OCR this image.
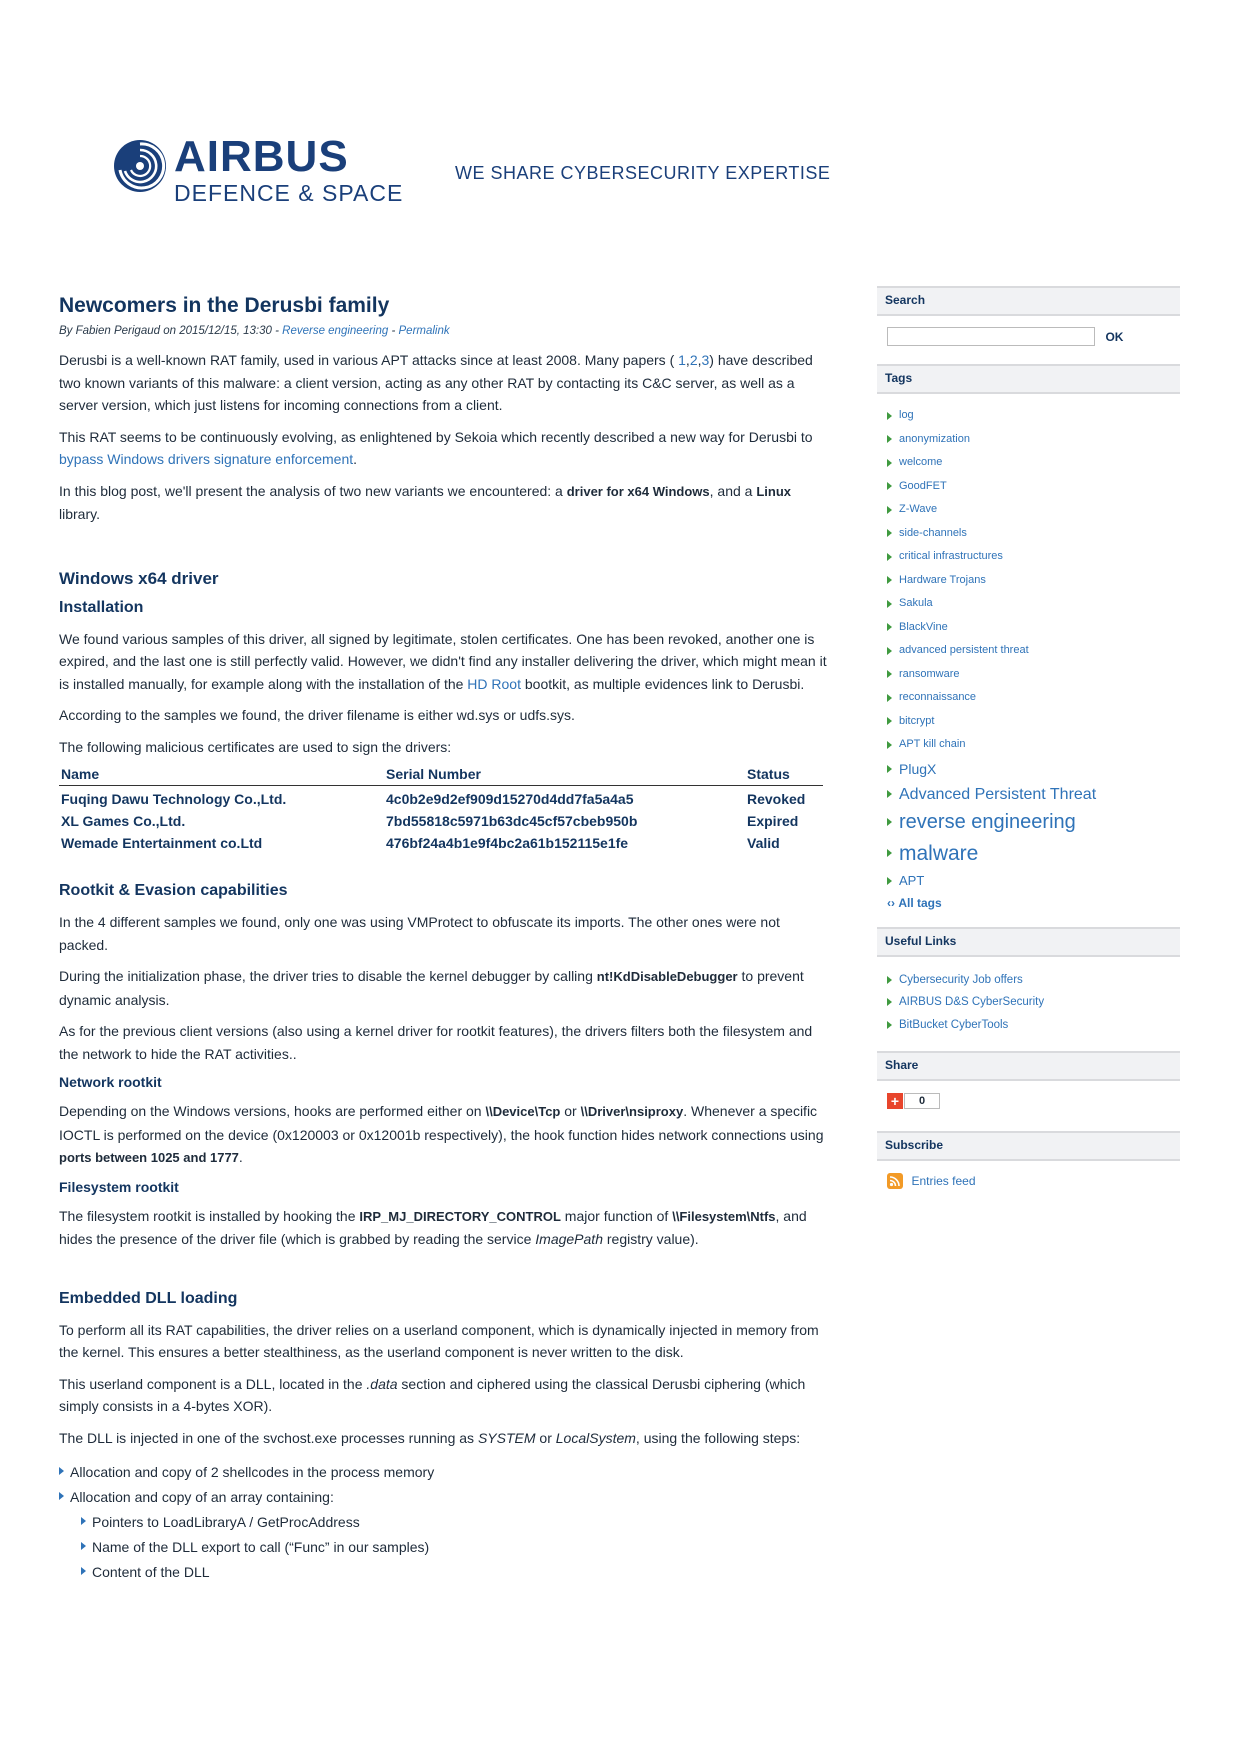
AIRBUS
DEFENCE & SPACE
WE SHARE CYBERSECURITY EXPERTISE
Newcomers in the Derusbi family
By Fabien Perigaud on 2015/12/15, 13:30 - Reverse engineering - Permalink

Derusbi is a well-known RAT family, used in various APT attacks since at least 2008. Many papers ( 1,2,3) have described two known variants of this malware: a client version, acting as any other RAT by contacting its C&C server, as well as a server version, which just listens for incoming connections from a client.

This RAT seems to be continuously evolving, as enlightened by Sekoia which recently described a new way for Derusbi to bypass Windows drivers signature enforcement.

In this blog post, we'll present the analysis of two new variants we encountered: a driver for x64 Windows, and a Linux library.

Windows x64 driver
Installation

We found various samples of this driver, all signed by legitimate, stolen certificates. One has been revoked, another one is expired, and the last one is still perfectly valid. However, we didn't find any installer delivering the driver, which might mean it is installed manually, for example along with the installation of the HD Root bootkit, as multiple evidences link to Derusbi.

According to the samples we found, the driver filename is either wd.sys or udfs.sys.

The following malicious certificates are used to sign the drivers:

Name	Serial Number	Status
Fuqing Dawu Technology Co.,Ltd.	4c0b2e9d2ef909d15270d4dd7fa5a4a5	Revoked
XL Games Co.,Ltd.	7bd55818c5971b63dc45cf57cbeb950b	Expired
Wemade Entertainment co.Ltd	476bf24a4b1e9f4bc2a61b152115e1fe	Valid
Rootkit & Evasion capabilities

In the 4 different samples we found, only one was using VMProtect to obfuscate its imports. The other ones were not packed.

During the initialization phase, the driver tries to disable the kernel debugger by calling nt!KdDisableDebugger to prevent dynamic analysis.

As for the previous client versions (also using a kernel driver for rootkit features), the drivers filters both the filesystem and the network to hide the RAT activities..

Network rootkit

Depending on the Windows versions, hooks are performed either on \\Device\Tcp or \\Driver\nsiproxy. Whenever a specific IOCTL is performed on the device (0x120003 or 0x12001b respectively), the hook function hides network connections using ports between 1025 and 1777.

Filesystem rootkit

The filesystem rootkit is installed by hooking the IRP_MJ_DIRECTORY_CONTROL major function of \\Filesystem\Ntfs, and hides the presence of the driver file (which is grabbed by reading the service ImagePath registry value).

Embedded DLL loading

To perform all its RAT capabilities, the driver relies on a userland component, which is dynamically injected in memory from the kernel. This ensures a better stealthiness, as the userland component is never written to the disk.

This userland component is a DLL, located in the .data section and ciphered using the classical Derusbi ciphering (which simply consists in a 4-bytes XOR).

The DLL is injected in one of the svchost.exe processes running as SYSTEM or LocalSystem, using the following steps:

Allocation and copy of 2 shellcodes in the process memory
Allocation and copy of an array containing:
Pointers to LoadLibraryA / GetProcAddress
Name of the DLL export to call (“Func” in our samples)
Content of the DLL
Search
OK
Tags
log
anonymization
welcome
GoodFET
Z-Wave
side-channels
critical infrastructures
Hardware Trojans
Sakula
BlackVine
advanced persistent threat
ransomware
reconnaissance
bitcrypt
APT kill chain
PlugX
Advanced Persistent Threat
reverse engineering
malware
APT
‹› All tags
Useful Links
Cybersecurity Job offers
AIRBUS D&S CyberSecurity
BitBucket CyberTools
Share
+ 0
Subscribe
Entries feed
